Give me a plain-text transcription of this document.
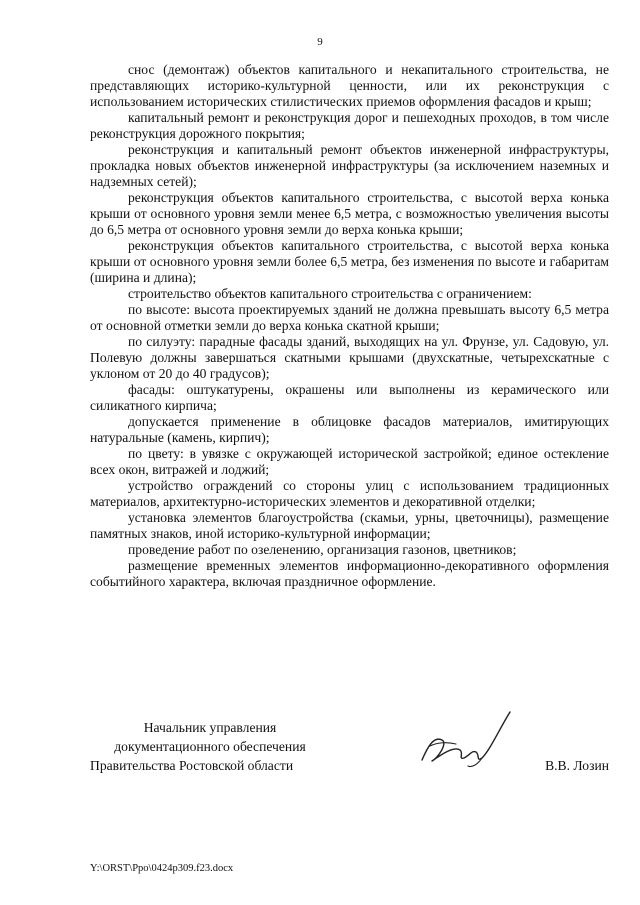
9

снос (демонтаж) объектов капитального и некапитального строительства, не представляющих историко-культурной ценности, или их реконструкция с использованием исторических стилистических приемов оформления фасадов и крыш;

капитальный ремонт и реконструкция дорог и пешеходных проходов, в том числе реконструкция дорожного покрытия;

реконструкция и капитальный ремонт объектов инженерной инфраструктуры, прокладка новых объектов инженерной инфраструктуры (за исключением наземных и надземных сетей);

реконструкция объектов капитального строительства, с высотой верха конька крыши от основного уровня земли менее 6,5 метра, с возможностью увеличения высоты до 6,5 метра от основного уровня земли до верха конька крыши;

реконструкция объектов капитального строительства, с высотой верха конька крыши от основного уровня земли более 6,5 метра, без изменения по высоте и габаритам (ширина и длина);

строительство объектов капитального строительства с ограничением:

по высоте: высота проектируемых зданий не должна превышать высоту 6,5 метра от основной отметки земли до верха конька скатной крыши;

по силуэту: парадные фасады зданий, выходящих на ул. Фрунзе, ул. Садовую, ул. Полевую должны завершаться скатными крышами (двухскатные, четырехскатные с уклоном от 20 до 40 градусов);

фасады: оштукатурены, окрашены или выполнены из керамического или силикатного кирпича;

допускается применение в облицовке фасадов материалов, имитирующих натуральные (камень, кирпич);

по цвету: в увязке с окружающей исторической застройкой; единое остекление всех окон, витражей и лоджий;

устройство ограждений со стороны улиц с использованием традиционных материалов, архитектурно-исторических элементов и декоративной отделки;

установка элементов благоустройства (скамьи, урны, цветочницы), размещение памятных знаков, иной историко-культурной информации;

проведение работ по озеленению, организация газонов, цветников;

размещение временных элементов информационно-декоративного оформления событийного характера, включая праздничное оформление.

Начальник управления
документационного обеспечения
Правительства Ростовской области	В.В. Лозин
Y:\ORST\Ppo\0424p309.f23.docx
